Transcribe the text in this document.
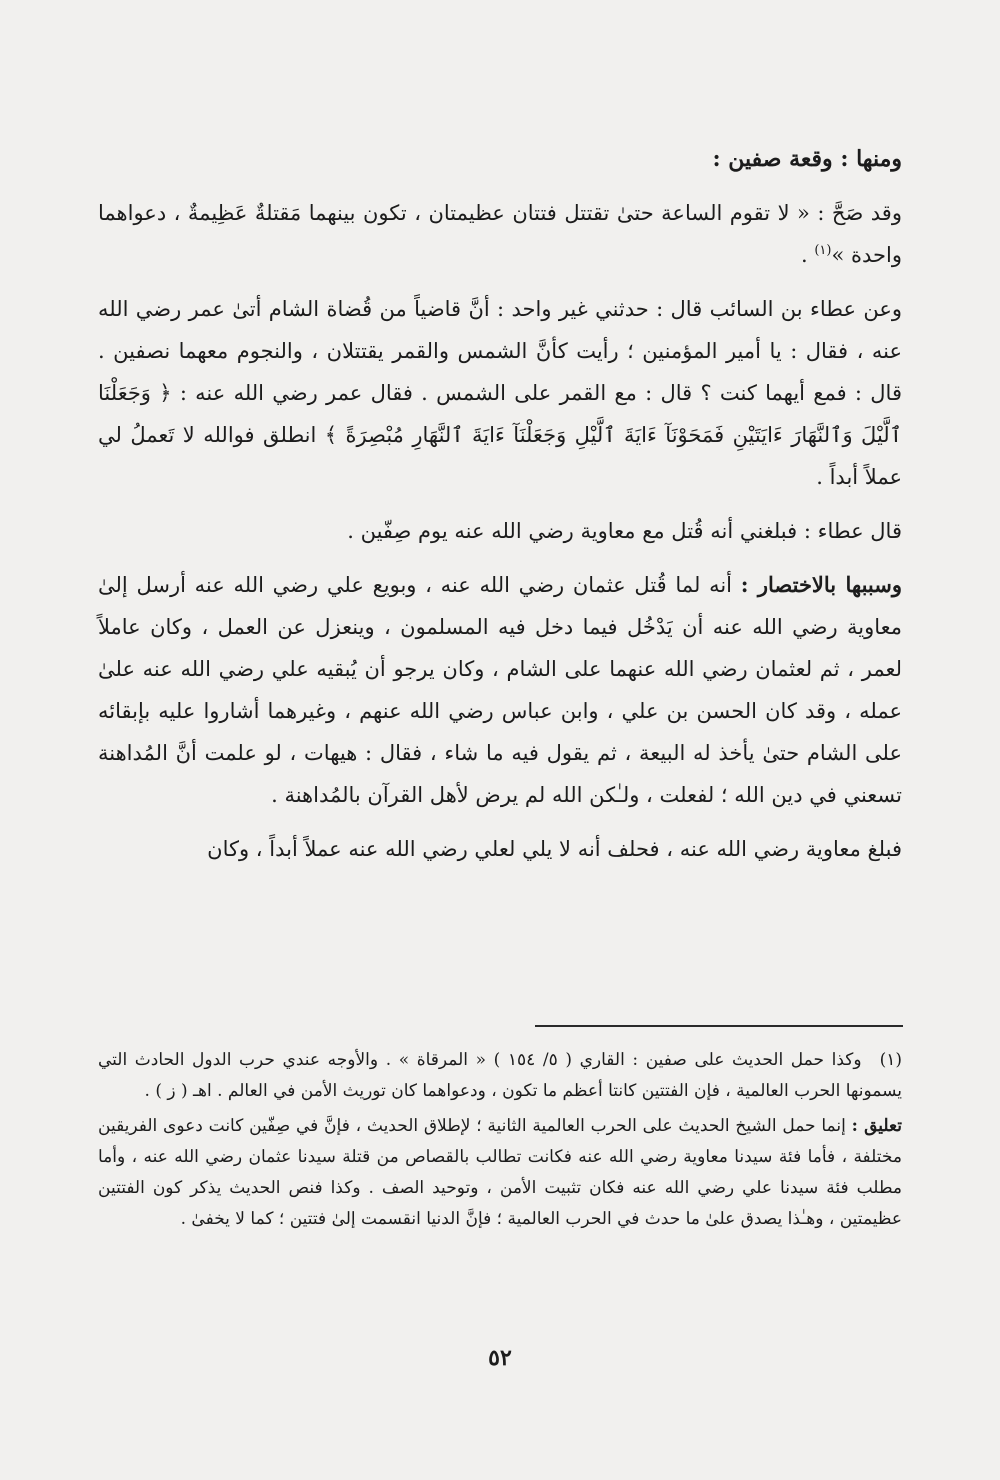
ومنها : وقعة صفين :

وقد صَحَّ : « لا تقوم الساعة حتىٰ تقتتل فتتان عظيمتان ، تكون بينهما مَقتلةٌ عَظِيمةٌ ، دعواهما واحدة »$^{(١)}$ .

وعن عطاء بن السائب قال : حدثني غير واحد : أنَّ قاضياً من قُضاة الشام أتىٰ عمر رضي الله عنه ، فقال : يا أمير المؤمنين ؛ رأيت كأنَّ الشمس والقمر يقتتلان ، والنجوم معهما نصفين . قال : فمع أيهما كنت ؟ قال : مع القمر على الشمس . فقال عمر رضي الله عنه : ﴿ وَجَعَلْنَا ٱلَّيْلَ وَٱلنَّهَارَ ءَايَتَيْنِ فَمَحَوْنَآ ءَايَةَ ٱلَّيْلِ وَجَعَلْنَآ ءَايَةَ ٱلنَّهَارِ مُبْصِرَةً ﴾ انطلق فوالله لا تَعملُ لي عملاً أبداً .

قال عطاء : فبلغني أنه قُتل مع معاوية رضي الله عنه يوم صِفّين .

وسببها بالاختصار : أنه لما قُتل عثمان رضي الله عنه ، وبويع علي رضي الله عنه أرسل إلىٰ معاوية رضي الله عنه أن يَدْخُل فيما دخل فيه المسلمون ، وينعزل عن العمل ، وكان عاملاً لعمر ، ثم لعثمان رضي الله عنهما على الشام ، وكان يرجو أن يُبقيه علي رضي الله عنه علىٰ عمله ، وقد كان الحسن بن علي ، وابن عباس رضي الله عنهم ، وغيرهما أشاروا عليه بإبقائه على الشام حتىٰ يأخذ له البيعة ، ثم يقول فيه ما شاء ، فقال : هيهات ، لو علمت أنَّ المُداهنة تسعني في دين الله ؛ لفعلت ، ولـٰكن الله لم يرض لأهل القرآن بالمُداهنة .

فبلغ معاوية رضي الله عنه ، فحلف أنه لا يلي لعلي رضي الله عنه عملاً أبداً ، وكان

(١)وكذا حمل الحديث على صفين : القاري ( ٥/ ١٥٤ ) « المرقاة » . والأوجه عندي حرب الدول الحادث التي يسمونها الحرب العالمية ، فإن الفتتين كانتا أعظم ما تكون ، ودعواهما كان توريث الأمن في العالم . اهـ ( ز ) .

تعليق : إنما حمل الشيخ الحديث على الحرب العالمية الثانية ؛ لإطلاق الحديث ، فإنَّ في صِفّين كانت دعوى الفريقين مختلفة ، فأما فئة سيدنا معاوية رضي الله عنه فكانت تطالب بالقصاص من قتلة سيدنا عثمان رضي الله عنه ، وأما مطلب فئة سيدنا علي رضي الله عنه فكان تثبيت الأمن ، وتوحيد الصف . وكذا فنص الحديث يذكر كون الفتتين عظيمتين ، وهـٰذا يصدق علىٰ ما حدث في الحرب العالمية ؛ فإنَّ الدنيا انقسمت إلىٰ فتتين ؛ كما لا يخفىٰ .

٥٢
